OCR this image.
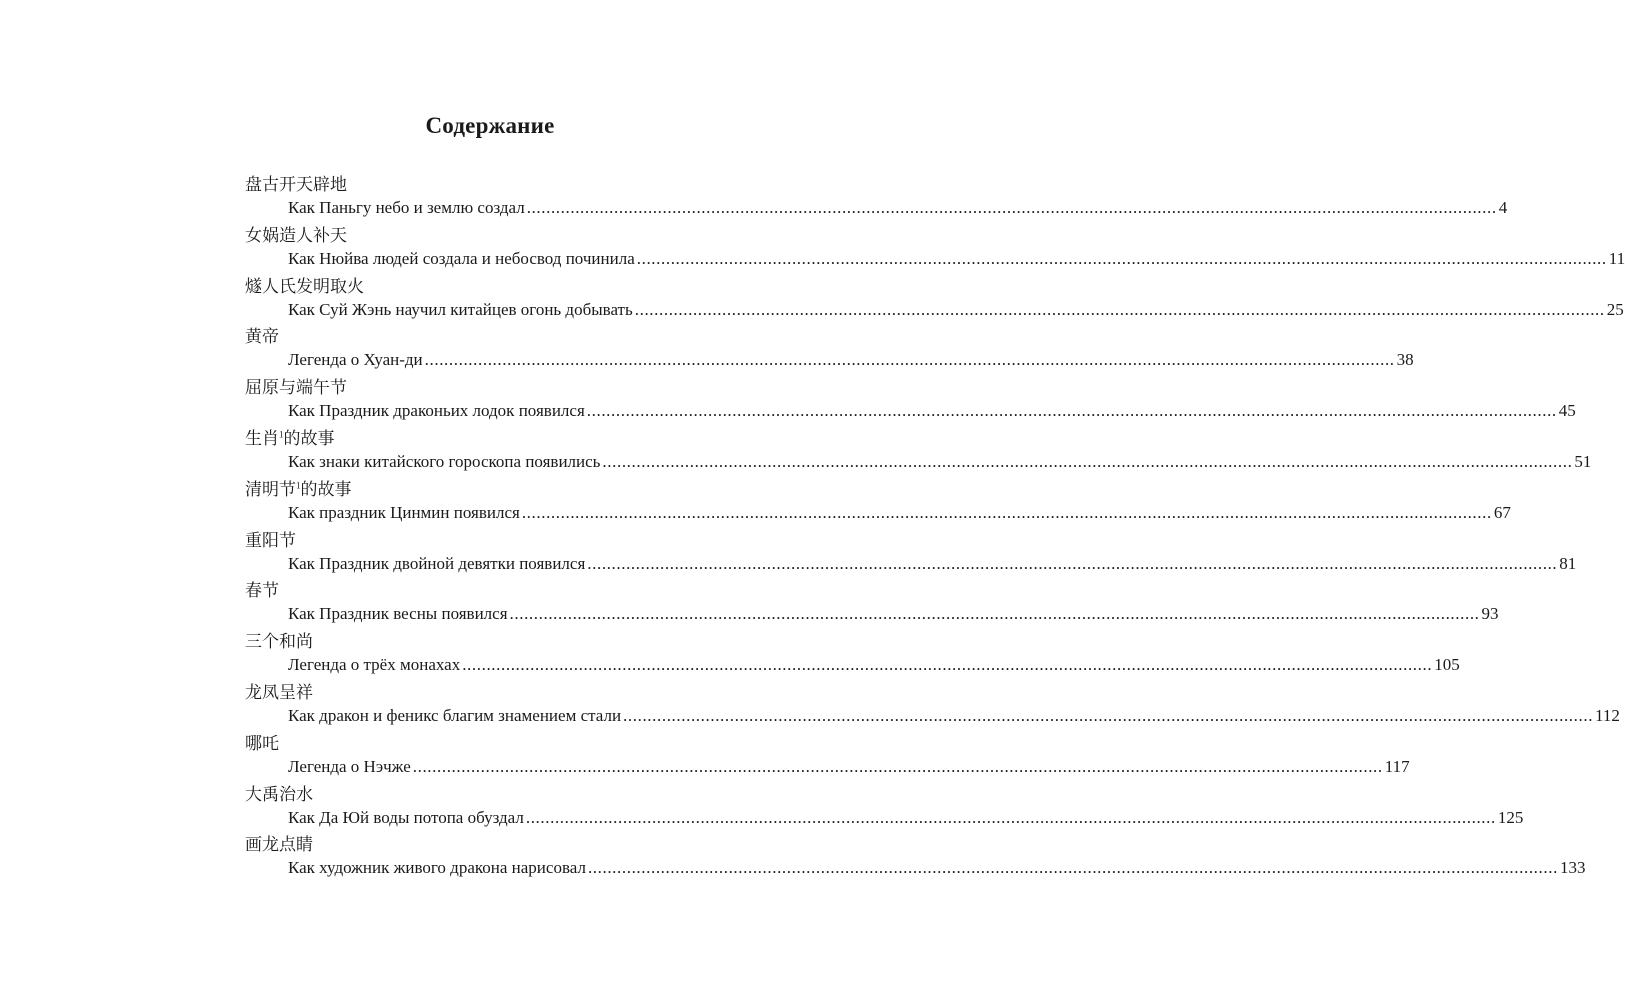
Содержание
盘古开天辟地
Как Паньгу небо и землю создал ........................................................................................................................................................................................................ 4
女娲造人补天
Как Нюйва людей создала и небосвод починила ........................................................................................................................................................................................................ 11
燧人氏发明取火
Как Суй Жэнь научил китайцев огонь добывать ........................................................................................................................................................................................................ 25
黄帝
Легенда о Хуан-ди ........................................................................................................................................................................................................ 38
屈原与端午节
Как Праздник драконьих лодок появился ........................................................................................................................................................................................................ 45
生肖$^1$的故事
Как знаки китайского гороскопа появились ........................................................................................................................................................................................................ 51
清明节$^1$的故事
Как праздник Цинмин появился ........................................................................................................................................................................................................ 67
重阳节
Как Праздник двойной девятки появился ........................................................................................................................................................................................................ 81
春节
Как Праздник весны появился ........................................................................................................................................................................................................ 93
三个和尚
Легенда о трёх монахах ........................................................................................................................................................................................................ 105
龙凤呈祥
Как дракон и феникс благим знамением стали ........................................................................................................................................................................................................ 112
哪吒
Легенда о Нэчже ........................................................................................................................................................................................................ 117
大禹治水
Как Да Юй воды потопа обуздал ........................................................................................................................................................................................................ 125
画龙点睛
Как художник живого дракона нарисовал ........................................................................................................................................................................................................ 133
